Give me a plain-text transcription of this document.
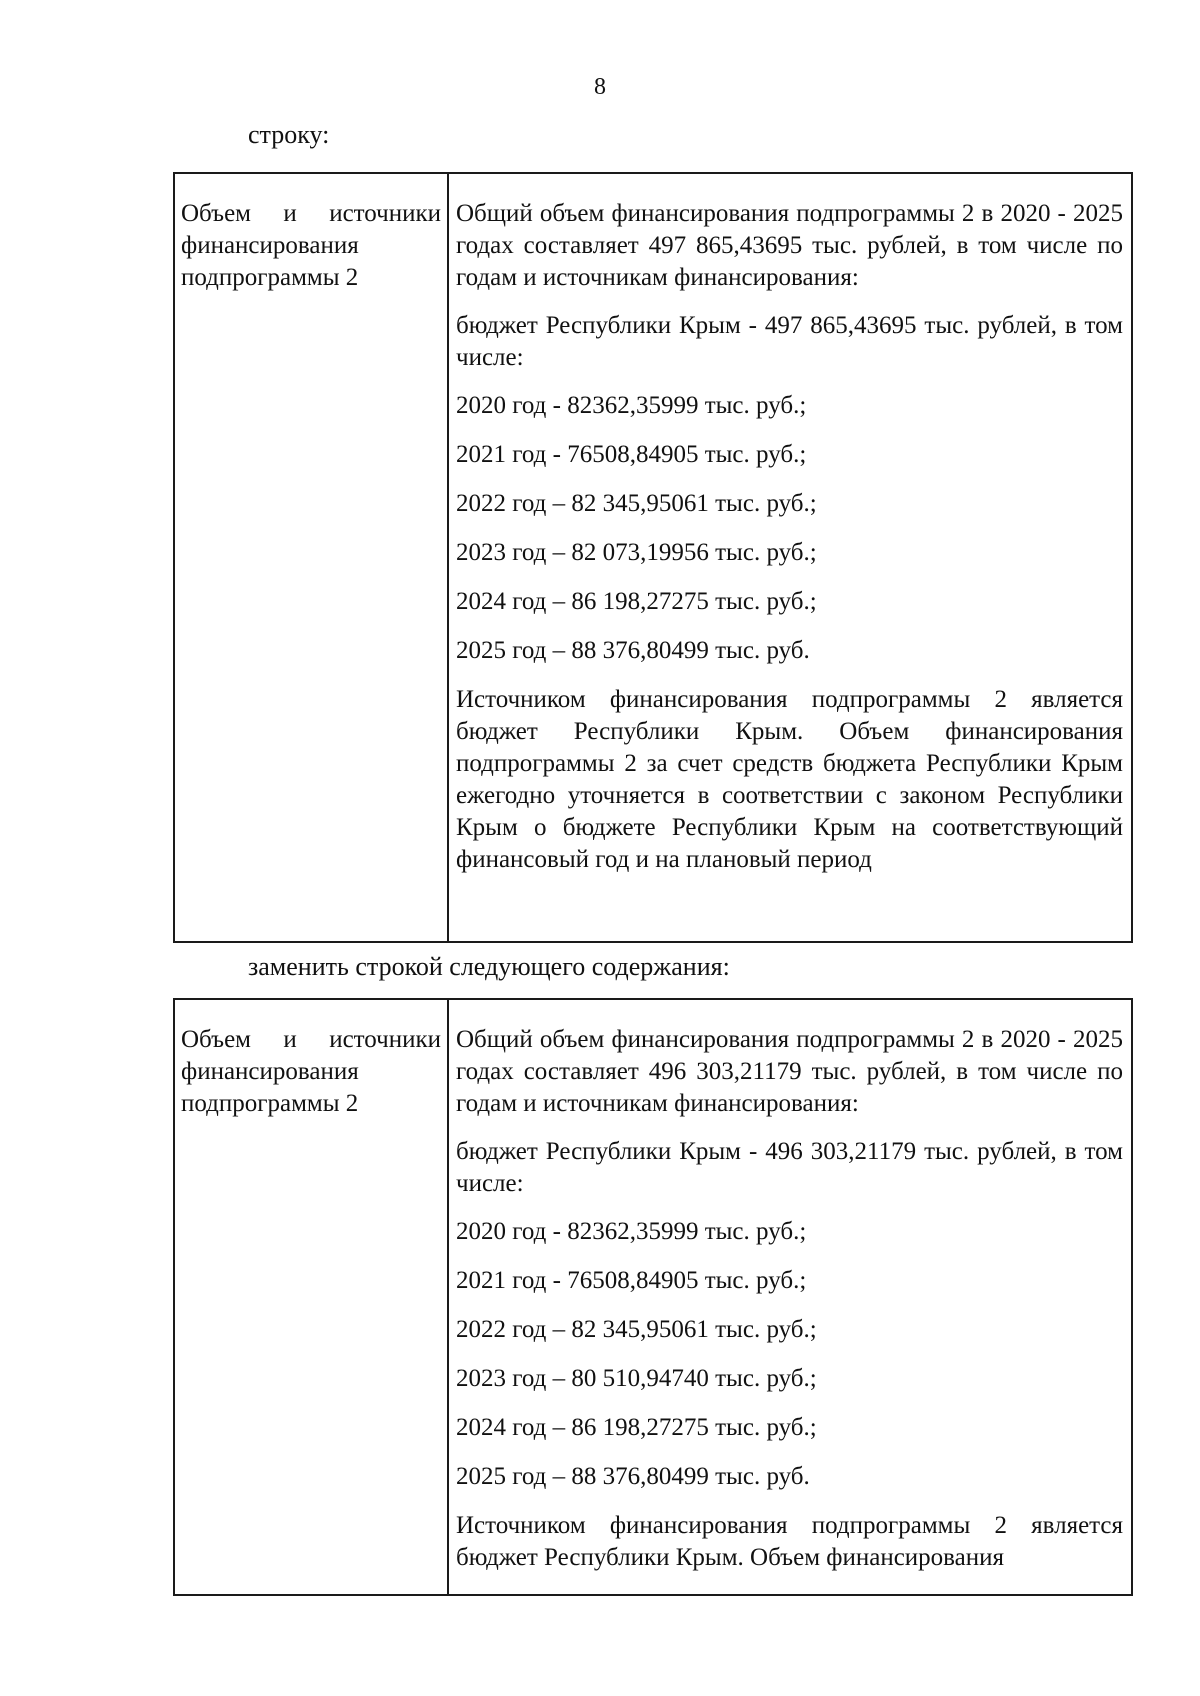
8
строку:
Объем и источники
финансирования
подпрограммы 2

Общий объем финансирования подпрограммы 2 в 2020 - 2025 годах составляет 497 865,43695 тыс. рублей, в том числе по годам и источникам финансирования:

бюджет Республики Крым - 497 865,43695 тыс. рублей, в том числе:

2020 год - 82362,35999 тыс. руб.;

2021 год - 76508,84905 тыс. руб.;

2022 год – 82 345,95061 тыс. руб.;

2023 год – 82 073,19956 тыс. руб.;

2024 год – 86 198,27275 тыс. руб.;

2025 год – 88 376,80499 тыс. руб.

Источником финансирования подпрограммы 2 является бюджет Республики Крым. Объем финансирования подпрограммы 2 за счет средств бюджета Республики Крым ежегодно уточняется в соответствии с законом Республики Крым о бюджете Республики Крым на соответствующий финансовый год и на плановый период

заменить строкой следующего содержания:
Объем и источники
финансирования
подпрограммы 2

Общий объем финансирования подпрограммы 2 в 2020 - 2025 годах составляет 496 303,21179 тыс. рублей, в том числе по годам и источникам финансирования:

бюджет Республики Крым - 496 303,21179 тыс. рублей, в том числе:

2020 год - 82362,35999 тыс. руб.;

2021 год - 76508,84905 тыс. руб.;

2022 год – 82 345,95061 тыс. руб.;

2023 год – 80 510,94740 тыс. руб.;

2024 год – 86 198,27275 тыс. руб.;

2025 год – 88 376,80499 тыс. руб.

Источником финансирования подпрограммы 2 является бюджет Республики Крым. Объем финансирования
